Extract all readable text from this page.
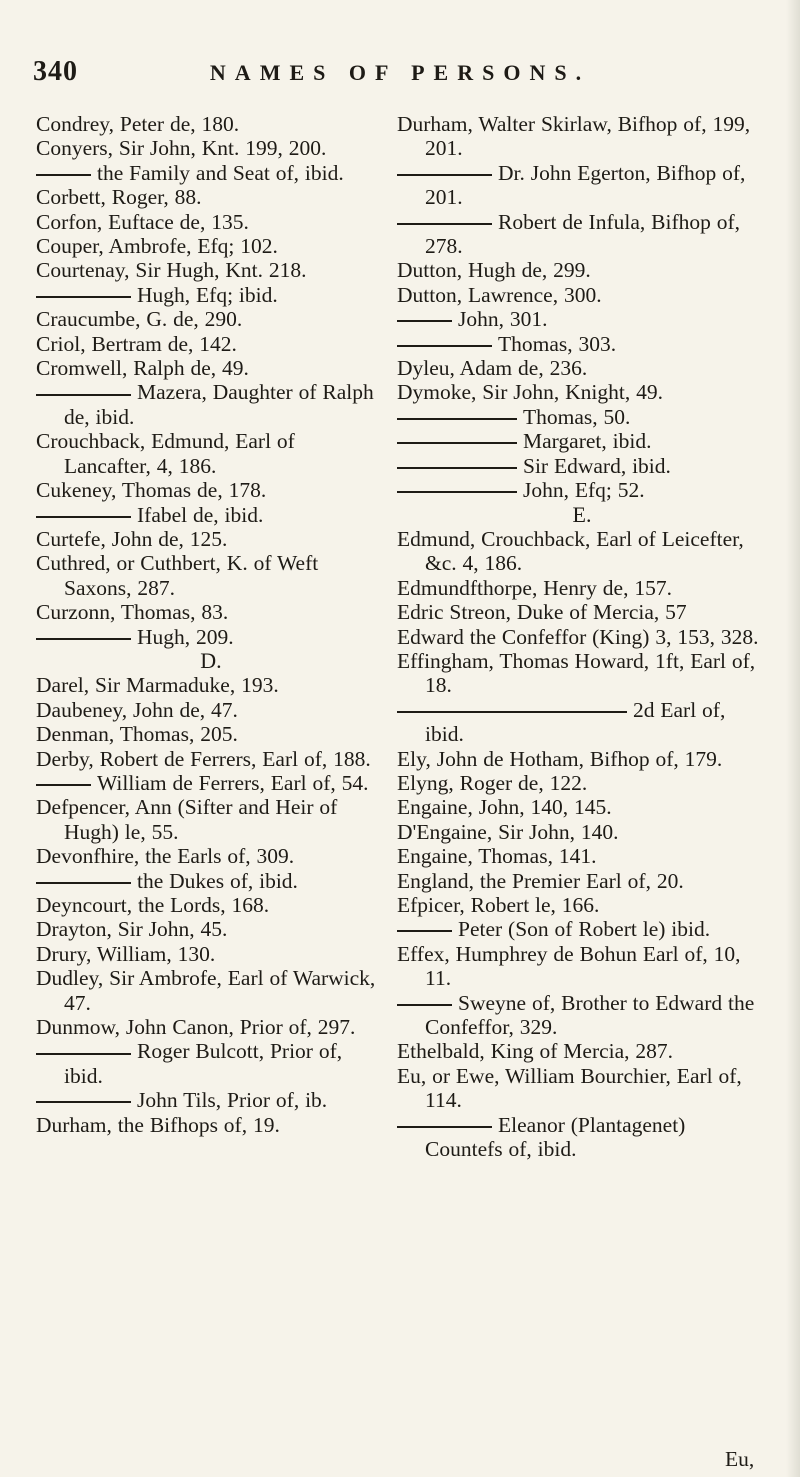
340	NAMES OF PERSONS.

Condrey, Peter de, 180.

Conyers, Sir John, Knt. 199, 200.

the Family and Seat of, ibid.

Corbett, Roger, 88.

Corfon, Euftace de, 135.

Couper, Ambrofe, Efq; 102.

Courtenay, Sir Hugh, Knt. 218.

Hugh, Efq; ibid.

Craucumbe, G. de, 290.

Criol, Bertram de, 142.

Cromwell, Ralph de, 49.

Mazera, Daughter of Ralph de, ibid.

Crouchback, Edmund, Earl of Lancafter, 4, 186.

Cukeney, Thomas de, 178.

Ifabel de, ibid.

Curtefe, John de, 125.

Cuthred, or Cuthbert, K. of Weft Saxons, 287.

Curzonn, Thomas, 83.

Hugh, 209.

D.

Darel, Sir Marmaduke, 193.

Daubeney, John de, 47.

Denman, Thomas, 205.

Derby, Robert de Ferrers, Earl of, 188.

William de Ferrers, Earl of, 54.

Defpencer, Ann (Sifter and Heir of Hugh) le, 55.

Devonfhire, the Earls of, 309.

the Dukes of, ibid.

Deyncourt, the Lords, 168.

Drayton, Sir John, 45.

Drury, William, 130.

Dudley, Sir Ambrofe, Earl of Warwick, 47.

Dunmow, John Canon, Prior of, 297.

Roger Bulcott, Prior of, ibid.

John Tils, Prior of, ib.

Durham, the Bifhops of, 19.

Durham, Walter Skirlaw, Bifhop of, 199, 201.

Dr. John Egerton, Bifhop of, 201.

Robert de Infula, Bifhop of, 278.

Dutton, Hugh de, 299.

Dutton, Lawrence, 300.

John, 301.

Thomas, 303.

Dyleu, Adam de, 236.

Dymoke, Sir John, Knight, 49.

Thomas, 50.

Margaret, ibid.

Sir Edward, ibid.

John, Efq; 52.

E.

Edmund, Crouchback, Earl of Leicefter, &c. 4, 186.

Edmundfthorpe, Henry de, 157.

Edric Streon, Duke of Mercia, 57

Edward the Confeffor (King) 3, 153, 328.

Effingham, Thomas Howard, 1ft, Earl of, 18.

2d Earl of, ibid.

Ely, John de Hotham, Bifhop of, 179.

Elyng, Roger de, 122.

Engaine, John, 140, 145.

D'Engaine, Sir John, 140.

Engaine, Thomas, 141.

England, the Premier Earl of, 20.

Efpicer, Robert le, 166.

Peter (Son of Robert le) ibid.

Effex, Humphrey de Bohun Earl of, 10, 11.

Sweyne of, Brother to Edward the Confeffor, 329.

Ethelbald, King of Mercia, 287.

Eu, or Ewe, William Bourchier, Earl of, 114.

Eleanor (Plantagenet) Countefs of, ibid.

Eu,
